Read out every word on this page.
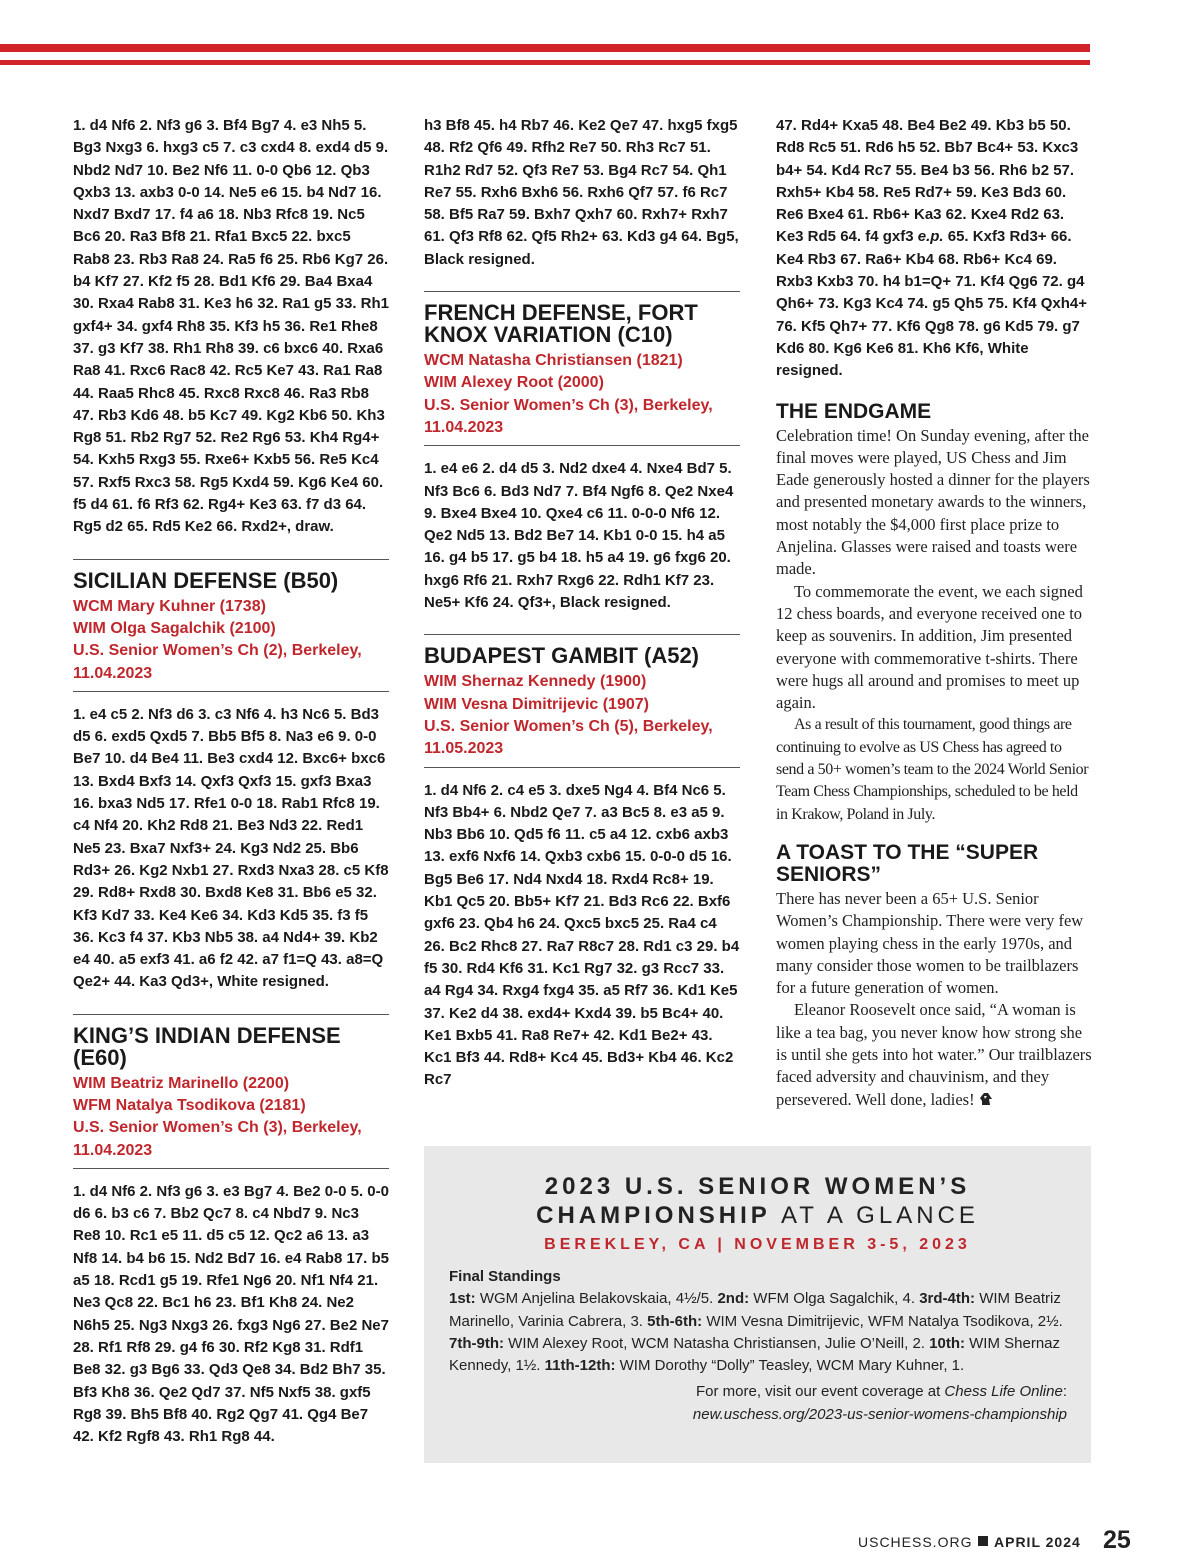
1. d4 Nf6 2. Nf3 g6 3. Bf4 Bg7 4. e3 Nh5 5. Bg3 Nxg3 6. hxg3 c5 7. c3 cxd4 8. exd4 d5 9. Nbd2 Nd7 10. Be2 Nf6 11. 0-0 Qb6 12. Qb3 Qxb3 13. axb3 0-0 14. Ne5 e6 15. b4 Nd7 16. Nxd7 Bxd7 17. f4 a6 18. Nb3 Rfc8 19. Nc5 Bc6 20. Ra3 Bf8 21. Rfa1 Bxc5 22. bxc5 Rab8 23. Rb3 Ra8 24. Ra5 f6 25. Rb6 Kg7 26. b4 Kf7 27. Kf2 f5 28. Bd1 Kf6 29. Ba4 Bxa4 30. Rxa4 Rab8 31. Ke3 h6 32. Ra1 g5 33. Rh1 gxf4+ 34. gxf4 Rh8 35. Kf3 h5 36. Re1 Rhe8 37. g3 Kf7 38. Rh1 Rh8 39. c6 bxc6 40. Rxa6 Ra8 41. Rxc6 Rac8 42. Rc5 Ke7 43. Ra1 Ra8 44. Raa5 Rhc8 45. Rxc8 Rxc8 46. Ra3 Rb8 47. Rb3 Kd6 48. b5 Kc7 49. Kg2 Kb6 50. Kh3 Rg8 51. Rb2 Rg7 52. Re2 Rg6 53. Kh4 Rg4+ 54. Kxh5 Rxg3 55. Rxe6+ Kxb5 56. Re5 Kc4 57. Rxf5 Rxc3 58. Rg5 Kxd4 59. Kg6 Ke4 60. f5 d4 61. f6 Rf3 62. Rg4+ Ke3 63. f7 d3 64. Rg5 d2 65. Rd5 Ke2 66. Rxd2+, draw.

SICILIAN DEFENSE (B50)
WCM Mary Kuhner (1738)
WIM Olga Sagalchik (2100)
U.S. Senior Women’s Ch (2), Berkeley,
11.04.2023

1. e4 c5 2. Nf3 d6 3. c3 Nf6 4. h3 Nc6 5. Bd3 d5 6. exd5 Qxd5 7. Bb5 Bf5 8. Na3 e6 9. 0-0 Be7 10. d4 Be4 11. Be3 cxd4 12. Bxc6+ bxc6 13. Bxd4 Bxf3 14. Qxf3 Qxf3 15. gxf3 Bxa3 16. bxa3 Nd5 17. Rfe1 0-0 18. Rab1 Rfc8 19. c4 Nf4 20. Kh2 Rd8 21. Be3 Nd3 22. Red1 Ne5 23. Bxa7 Nxf3+ 24. Kg3 Nd2 25. Bb6 Rd3+ 26. Kg2 Nxb1 27. Rxd3 Nxa3 28. c5 Kf8 29. Rd8+ Rxd8 30. Bxd8 Ke8 31. Bb6 e5 32. Kf3 Kd7 33. Ke4 Ke6 34. Kd3 Kd5 35. f3 f5 36. Kc3 f4 37. Kb3 Nb5 38. a4 Nd4+ 39. Kb2 e4 40. a5 exf3 41. a6 f2 42. a7 f1=Q 43. a8=Q Qe2+ 44. Ka3 Qd3+, White resigned.

KING’S INDIAN DEFENSE (E60)
WIM Beatriz Marinello (2200)
WFM Natalya Tsodikova (2181)
U.S. Senior Women’s Ch (3), Berkeley,
11.04.2023

1. d4 Nf6 2. Nf3 g6 3. e3 Bg7 4. Be2 0-0 5. 0-0 d6 6. b3 c6 7. Bb2 Qc7 8. c4 Nbd7 9. Nc3 Re8 10. Rc1 e5 11. d5 c5 12. Qc2 a6 13. a3 Nf8 14. b4 b6 15. Nd2 Bd7 16. e4 Rab8 17. b5 a5 18. Rcd1 g5 19. Rfe1 Ng6 20. Nf1 Nf4 21. Ne3 Qc8 22. Bc1 h6 23. Bf1 Kh8 24. Ne2 N6h5 25. Ng3 Nxg3 26. fxg3 Ng6 27. Be2 Ne7 28. Rf1 Rf8 29. g4 f6 30. Rf2 Kg8 31. Rdf1 Be8 32. g3 Bg6 33. Qd3 Qe8 34. Bd2 Bh7 35. Bf3 Kh8 36. Qe2 Qd7 37. Nf5 Nxf5 38. gxf5 Rg8 39. Bh5 Bf8 40. Rg2 Qg7 41. Qg4 Be7 42. Kf2 Rgf8 43. Rh1 Rg8 44.

h3 Bf8 45. h4 Rb7 46. Ke2 Qe7 47. hxg5 fxg5 48. Rf2 Qf6 49. Rfh2 Re7 50. Rh3 Rc7 51. R1h2 Rd7 52. Qf3 Re7 53. Bg4 Rc7 54. Qh1 Re7 55. Rxh6 Bxh6 56. Rxh6 Qf7 57. f6 Rc7 58. Bf5 Ra7 59. Bxh7 Qxh7 60. Rxh7+ Rxh7 61. Qf3 Rf8 62. Qf5 Rh2+ 63. Kd3 g4 64. Bg5, Black resigned.

FRENCH DEFENSE, FORT KNOX VARIATION (C10)
WCM Natasha Christiansen (1821)
WIM Alexey Root (2000)
U.S. Senior Women’s Ch (3), Berkeley,
11.04.2023

1. e4 e6 2. d4 d5 3. Nd2 dxe4 4. Nxe4 Bd7 5. Nf3 Bc6 6. Bd3 Nd7 7. Bf4 Ngf6 8. Qe2 Nxe4 9. Bxe4 Bxe4 10. Qxe4 c6 11. 0-0-0 Nf6 12. Qe2 Nd5 13. Bd2 Be7 14. Kb1 0-0 15. h4 a5 16. g4 b5 17. g5 b4 18. h5 a4 19. g6 fxg6 20. hxg6 Rf6 21. Rxh7 Rxg6 22. Rdh1 Kf7 23. Ne5+ Kf6 24. Qf3+, Black resigned.

BUDAPEST GAMBIT (A52)
WIM Shernaz Kennedy (1900)
WIM Vesna Dimitrijevic (1907)
U.S. Senior Women’s Ch (5), Berkeley,
11.05.2023

1. d4 Nf6 2. c4 e5 3. dxe5 Ng4 4. Bf4 Nc6 5. Nf3 Bb4+ 6. Nbd2 Qe7 7. a3 Bc5 8. e3 a5 9. Nb3 Bb6 10. Qd5 f6 11. c5 a4 12. cxb6 axb3 13. exf6 Nxf6 14. Qxb3 cxb6 15. 0-0-0 d5 16. Bg5 Be6 17. Nd4 Nxd4 18. Rxd4 Rc8+ 19. Kb1 Qc5 20. Bb5+ Kf7 21. Bd3 Rc6 22. Bxf6 gxf6 23. Qb4 h6 24. Qxc5 bxc5 25. Ra4 c4 26. Bc2 Rhc8 27. Ra7 R8c7 28. Rd1 c3 29. b4 f5 30. Rd4 Kf6 31. Kc1 Rg7 32. g3 Rcc7 33. a4 Rg4 34. Rxg4 fxg4 35. a5 Rf7 36. Kd1 Ke5 37. Ke2 d4 38. exd4+ Kxd4 39. b5 Bc4+ 40. Ke1 Bxb5 41. Ra8 Re7+ 42. Kd1 Be2+ 43. Kc1 Bf3 44. Rd8+ Kc4 45. Bd3+ Kb4 46. Kc2 Rc7

47. Rd4+ Kxa5 48. Be4 Be2 49. Kb3 b5 50. Rd8 Rc5 51. Rd6 h5 52. Bb7 Bc4+ 53. Kxc3 b4+ 54. Kd4 Rc7 55. Be4 b3 56. Rh6 b2 57. Rxh5+ Kb4 58. Re5 Rd7+ 59. Ke3 Bd3 60. Re6 Bxe4 61. Rb6+ Ka3 62. Kxe4 Rd2 63. Ke3 Rd5 64. f4 gxf3 e.p. 65. Kxf3 Rd3+ 66. Ke4 Rb3 67. Ra6+ Kb4 68. Rb6+ Kc4 69. Rxb3 Kxb3 70. h4 b1=Q+ 71. Kf4 Qg6 72. g4 Qh6+ 73. Kg3 Kc4 74. g5 Qh5 75. Kf4 Qxh4+ 76. Kf5 Qh7+ 77. Kf6 Qg8 78. g6 Kd5 79. g7 Kd6 80. Kg6 Ke6 81. Kh6 Kf6, White resigned.

THE ENDGAME

Celebration time! On Sunday evening, after the final moves were played, US Chess and Jim Eade generously hosted a dinner for the players and presented monetary awards to the winners, most notably the $4,000 first place prize to Anjelina. Glasses were raised and toasts were made.

To commemorate the event, we each signed 12 chess boards, and everyone received one to keep as souvenirs. In addition, Jim presented everyone with commemorative t-shirts. There were hugs all around and promises to meet up again.

As a result of this tournament, good things are continuing to evolve as US Chess has agreed to send a 50+ women’s team to the 2024 World Senior Team Chess Championships, scheduled to be held in Krakow, Poland in July.

A TOAST TO THE “SUPER SENIORS”

There has never been a 65+ U.S. Senior Women’s Championship. There were very few women playing chess in the early 1970s, and many consider those women to be trailblazers for a future generation of women.

Eleanor Roosevelt once said, “A woman is like a tea bag, you never know how strong she is until she gets into hot water.” Our trailblazers faced adversity and chauvinism, and they persevered. Well done, ladies!

2023 U.S. SENIOR WOMEN’S
CHAMPIONSHIP AT A GLANCE
BEREKLEY, CA | NOVEMBER 3-5, 2023
Final Standings
1st: WGM Anjelina Belakovskaia, 4½/5. 2nd: WFM Olga Sagalchik, 4. 3rd-4th: WIM Beatriz Marinello, Varinia Cabrera, 3. 5th-6th: WIM Vesna Dimitrijevic, WFM Natalya Tsodikova, 2½. 7th-9th: WIM Alexey Root, WCM Natasha Christiansen, Julie O’Neill, 2. 10th: WIM Shernaz Kennedy, 1½. 11th-12th: WIM Dorothy “Dolly” Teasley, WCM Mary Kuhner, 1.
For more, visit our event coverage at Chess Life Online:
new.uschess.org/2023-us-senior-womens-championship
USCHESS.ORG APRIL 2024 25
